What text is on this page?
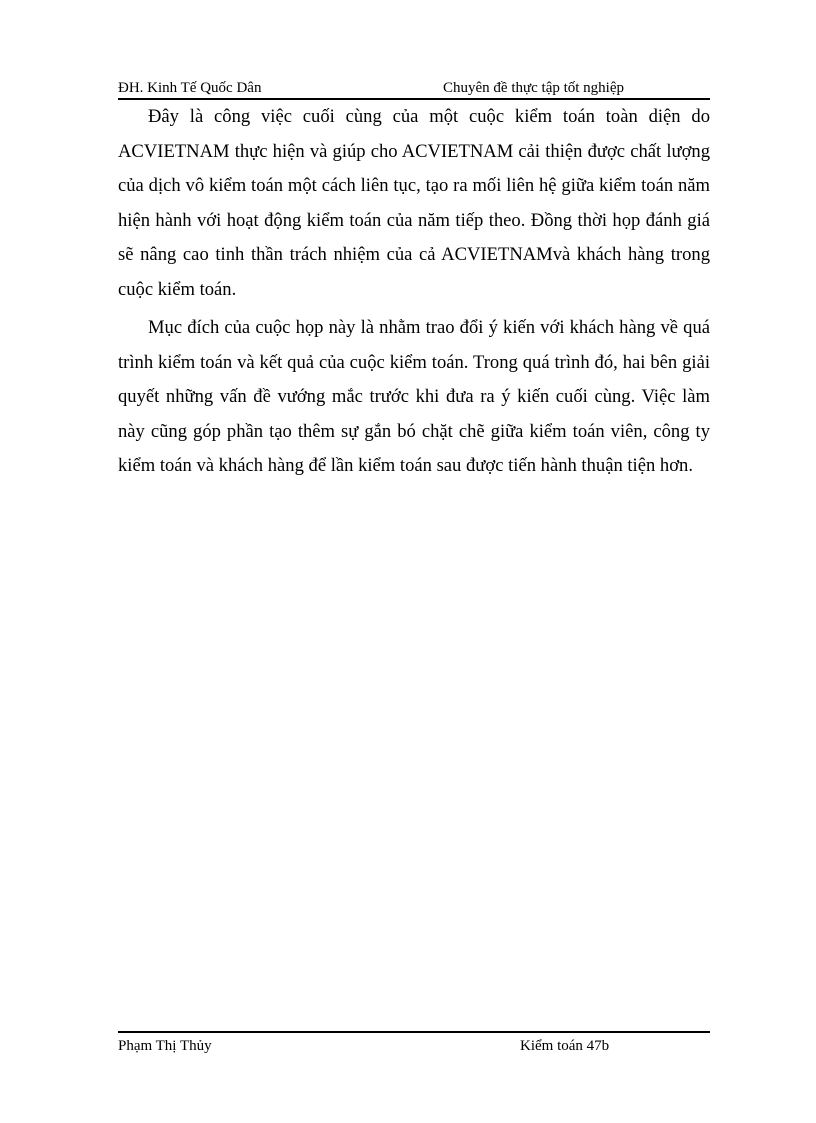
ĐH. Kinh Tế Quốc Dân	Chuyên đề thực tập tốt nghiệp

Đây là công việc cuối cùng của một cuộc kiểm toán toàn diện do ACVIETNAM thực hiện và giúp cho ACVIETNAM cải thiện được chất lượng của dịch vô kiểm toán một cách liên tục, tạo ra mối liên hệ giữa kiểm toán năm hiện hành với hoạt động kiểm toán của năm tiếp theo. Đồng thời họp đánh giá sẽ nâng cao tinh thần trách nhiệm của cả ACVIETNAMvà khách hàng trong cuộc kiểm toán.

Mục đích của cuộc họp này là nhằm trao đổi ý kiến với khách hàng về quá trình kiểm toán và kết quả của cuộc kiểm toán. Trong quá trình đó, hai bên giải quyết những vấn đề vướng mắc trước khi đưa ra ý kiến cuối cùng. Việc làm này cũng góp phần tạo thêm sự gắn bó chặt chẽ giữa kiểm toán viên, công ty kiểm toán và khách hàng để lần kiểm toán sau được tiến hành thuận tiện hơn.

Phạm Thị Thủy	Kiểm toán 47b
